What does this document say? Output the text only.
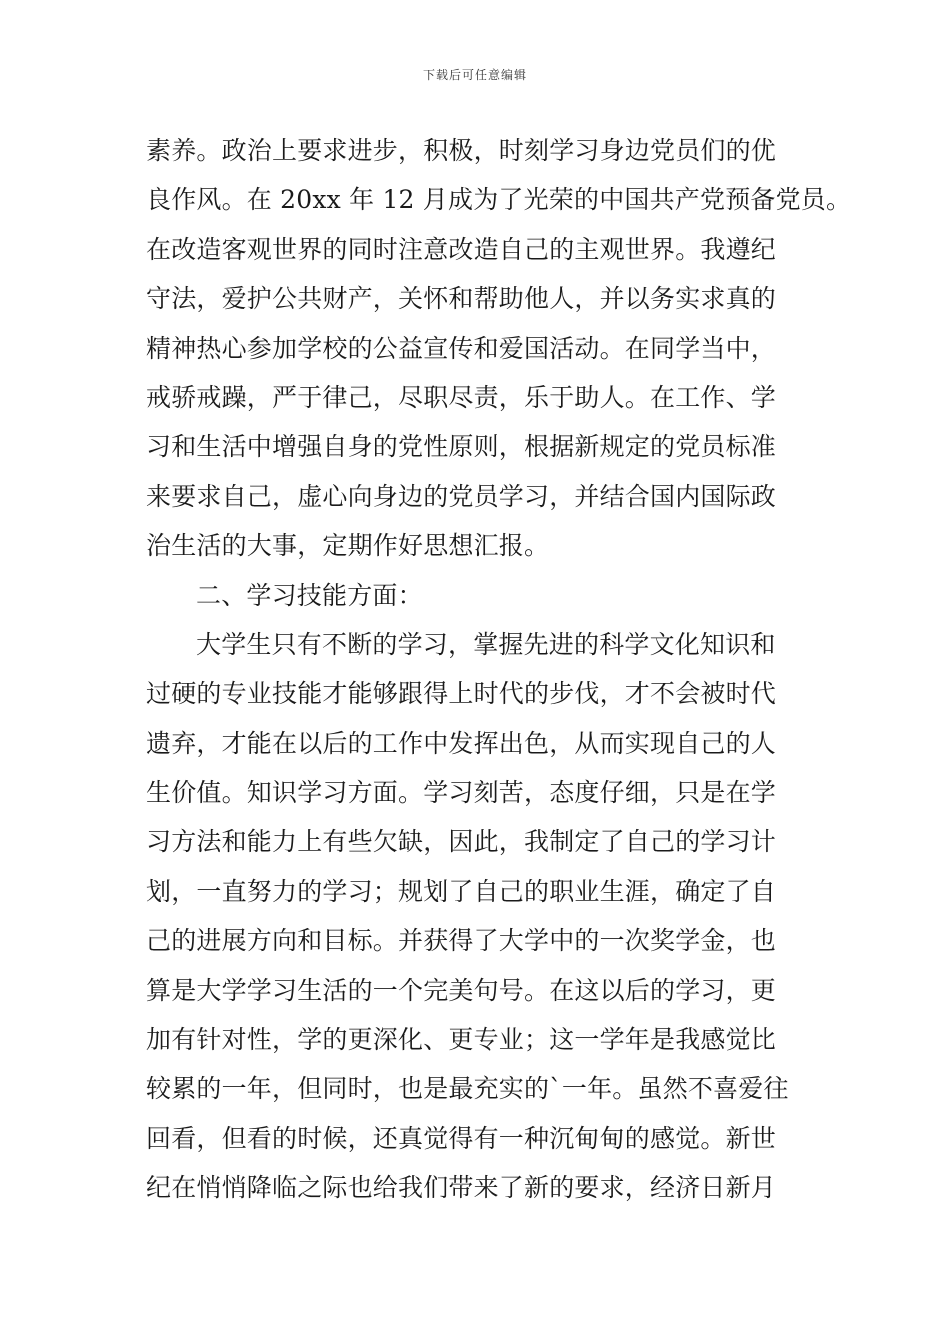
下载后可任意编辑
素养。政治上要求进步，积极，时刻学习身边党员们的优
良作风。在 20xx 年 12 月成为了光荣的中国共产党预备党员。
在改造客观世界的同时注意改造自己的主观世界。我遵纪
守法，爱护公共财产，关怀和帮助他人，并以务实求真的
精神热心参加学校的公益宣传和爱国活动。在同学当中，
戒骄戒躁，严于律己，尽职尽责，乐于助人。在工作、学
习和生活中增强自身的党性原则，根据新规定的党员标准
来要求自己，虚心向身边的党员学习，并结合国内国际政
治生活的大事，定期作好思想汇报。
二、学习技能方面：
大学生只有不断的学习，掌握先进的科学文化知识和
过硬的专业技能才能够跟得上时代的步伐，才不会被时代
遗弃，才能在以后的工作中发挥出色，从而实现自己的人
生价值。知识学习方面。学习刻苦，态度仔细，只是在学
习方法和能力上有些欠缺，因此，我制定了自己的学习计
划，一直努力的学习；规划了自己的职业生涯，确定了自
己的进展方向和目标。并获得了大学中的一次奖学金，也
算是大学学习生活的一个完美句号。在这以后的学习，更
加有针对性，学的更深化、更专业；这一学年是我感觉比
较累的一年，但同时，也是最充实的`一年。虽然不喜爱往
回看，但看的时候，还真觉得有一种沉甸甸的感觉。新世
纪在悄悄降临之际也给我们带来了新的要求，经济日新月
